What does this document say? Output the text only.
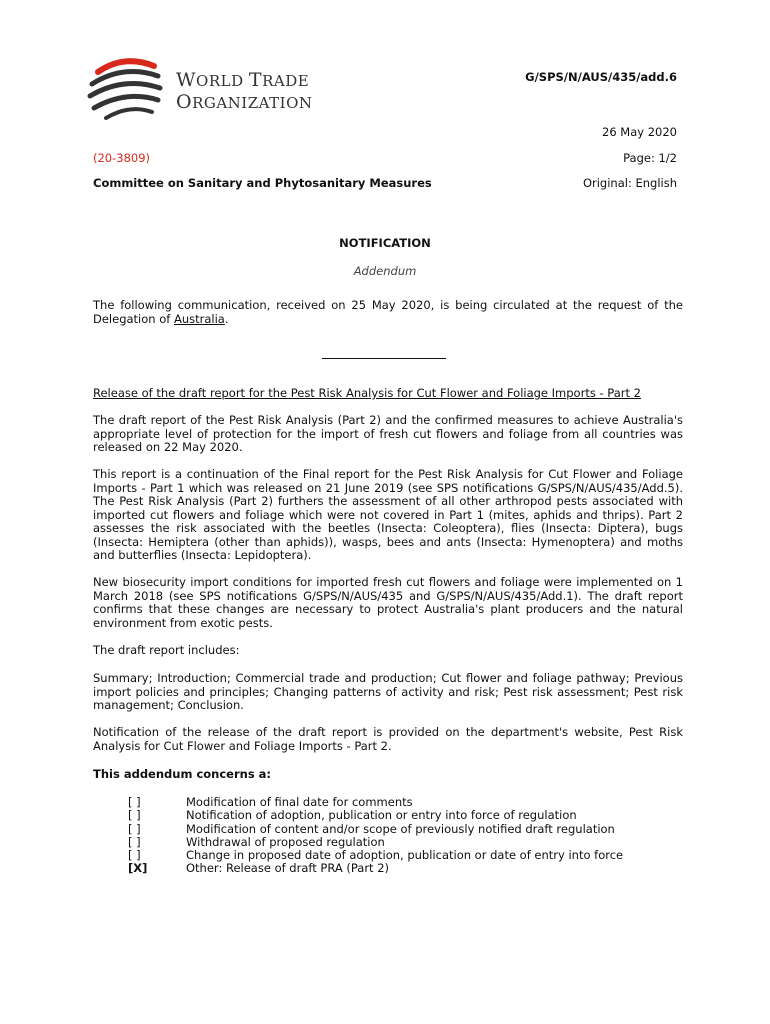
WORLD TRADE
ORGANIZATION
G/SPS/N/AUS/435/add.6
26 May 2020
(20-3809)	Page: 1/2
Committee on Sanitary and Phytosanitary Measures	Original: English
NOTIFICATION
Addendum
The following communication, received on 25 May 2020, is being circulated at the request of the Delegation of Australia.
Release of the draft report for the Pest Risk Analysis for Cut Flower and Foliage Imports - Part 2
The draft report of the Pest Risk Analysis (Part 2) and the confirmed measures to achieve Australia's appropriate level of protection for the import of fresh cut flowers and foliage from all countries was released on 22 May 2020.
This report is a continuation of the Final report for the Pest Risk Analysis for Cut Flower and Foliage Imports - Part 1 which was released on 21 June 2019 (see SPS notifications G/SPS/N/AUS/435/Add.5). The Pest Risk Analysis (Part 2) furthers the assessment of all other arthropod pests associated with imported cut flowers and foliage which were not covered in Part 1 (mites, aphids and thrips). Part 2 assesses the risk associated with the beetles (Insecta: Coleoptera), flies (Insecta: Diptera), bugs (Insecta: Hemiptera (other than aphids)), wasps, bees and ants (Insecta: Hymenoptera) and moths and butterflies (Insecta: Lepidoptera).
New biosecurity import conditions for imported fresh cut flowers and foliage were implemented on 1 March 2018 (see SPS notifications G/SPS/N/AUS/435 and G/SPS/N/AUS/435/Add.1). The draft report confirms that these changes are necessary to protect Australia's plant producers and the natural environment from exotic pests.
The draft report includes:
Summary; Introduction; Commercial trade and production; Cut flower and foliage pathway; Previous import policies and principles; Changing patterns of activity and risk; Pest risk assessment; Pest risk management; Conclusion.
Notification of the release of the draft report is provided on the department's website, Pest Risk Analysis for Cut Flower and Foliage Imports - Part 2.
This addendum concerns a:
[ ]	Modification of final date for comments
[ ]	Notification of adoption, publication or entry into force of regulation
[ ]	Modification of content and/or scope of previously notified draft regulation
[ ]	Withdrawal of proposed regulation
[ ]	Change in proposed date of adoption, publication or date of entry into force
[X]	Other: Release of draft PRA (Part 2)
